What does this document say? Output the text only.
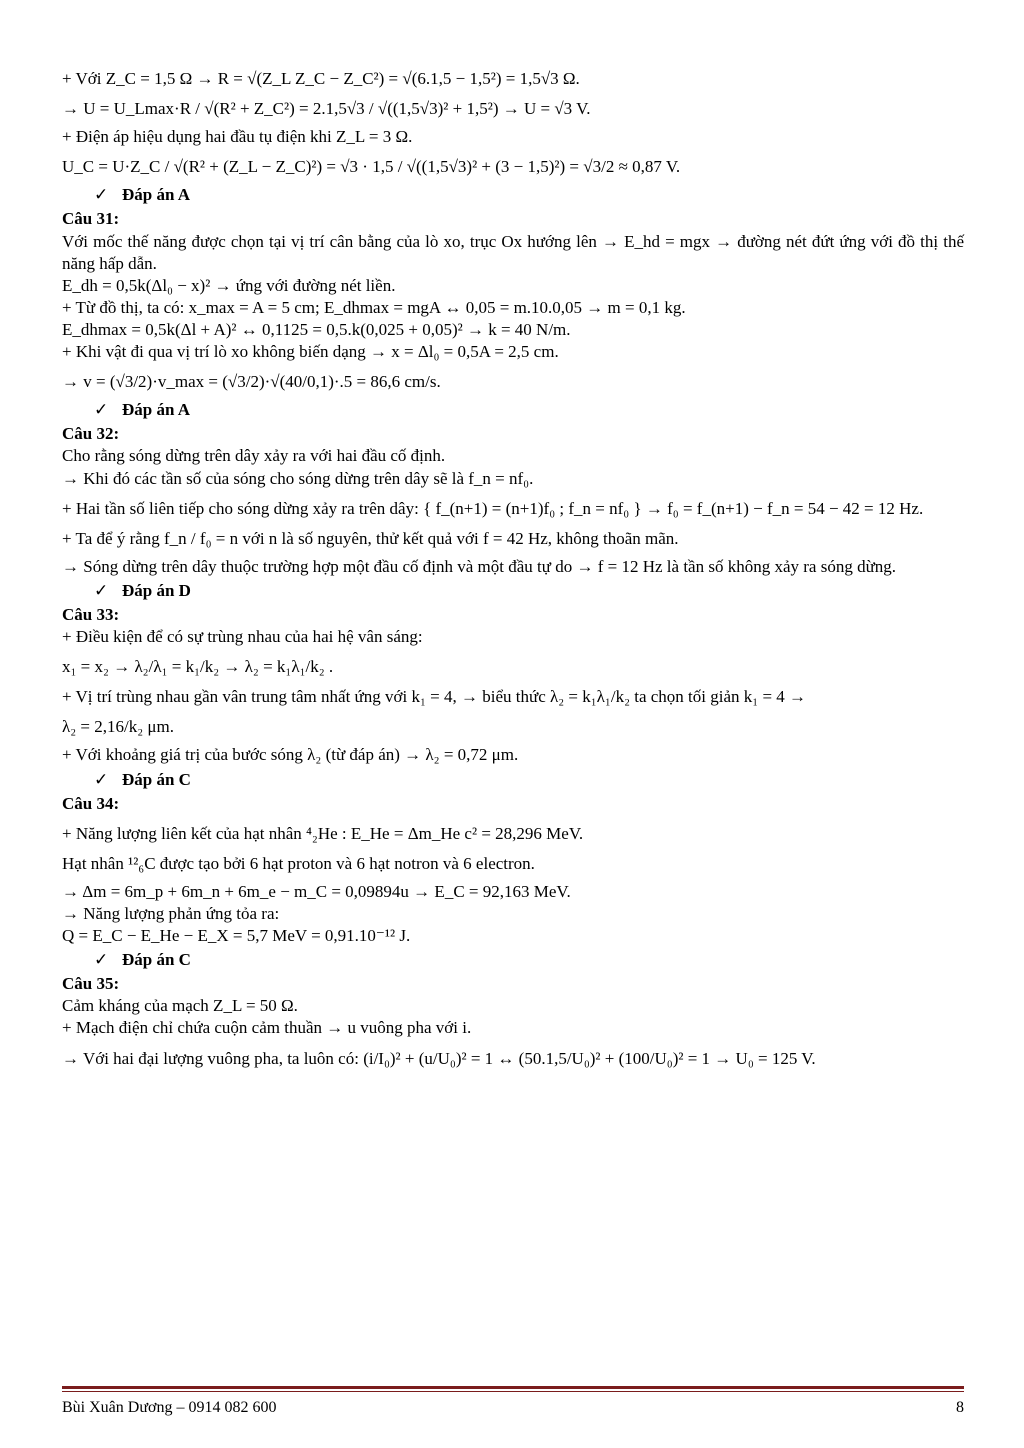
+ Với Z_C = 1,5 Ω → R = √(Z_L Z_C − Z_C²) = √(6.1,5 − 1,5²) = 1,5√3 Ω.

→ U = U_Lmax·R / √(R² + Z_C²) = 2.1,5√3 / √((1,5√3)² + 1,5²) → U = √3 V.

+ Điện áp hiệu dụng hai đầu tụ điện khi Z_L = 3 Ω.

U_C = U·Z_C / √(R² + (Z_L − Z_C)²) = √3 · 1,5 / √((1,5√3)² + (3 − 1,5)²) = √3/2 ≈ 0,87 V.

✓ Đáp án A

Câu 31:

Với mốc thế năng được chọn tại vị trí cân bằng của lò xo, trục Ox hướng lên → E_hd = mgx → đường nét đứt ứng với đồ thị thế năng hấp dẫn.

E_dh = 0,5k(Δl₀ − x)² → ứng với đường nét liền.

+ Từ đồ thị, ta có: x_max = A = 5 cm; E_dhmax = mgA ↔ 0,05 = m.10.0,05 → m = 0,1 kg.

E_dhmax = 0,5k(Δl + A)² ↔ 0,1125 = 0,5.k(0,025 + 0,05)² → k = 40 N/m.

+ Khi vật đi qua vị trí lò xo không biến dạng → x = Δl₀ = 0,5A = 2,5 cm.

→ v = (√3/2)·v_max = (√3/2)·√(40/0,1)·.5 = 86,6 cm/s.

✓ Đáp án A

Câu 32:

Cho rằng sóng dừng trên dây xảy ra với hai đầu cố định.

→ Khi đó các tần số của sóng cho sóng dừng trên dây sẽ là f_n = nf₀.

+ Hai tần số liên tiếp cho sóng dừng xảy ra trên dây: { f_(n+1) = (n+1)f₀ ; f_n = nf₀ } → f₀ = f_(n+1) − f_n = 54 − 42 = 12 Hz.

+ Ta để ý rằng f_n / f₀ = n với n là số nguyên, thử kết quả với f = 42 Hz, không thoãn mãn.

→ Sóng dừng trên dây thuộc trường hợp một đầu cố định và một đầu tự do → f = 12 Hz là tần số không xảy ra sóng dừng.

✓ Đáp án D

Câu 33:

+ Điều kiện để có sự trùng nhau của hai hệ vân sáng:

x₁ = x₂ → λ₂/λ₁ = k₁/k₂ → λ₂ = k₁λ₁/k₂ .

+ Vị trí trùng nhau gần vân trung tâm nhất ứng với k₁ = 4, → biểu thức λ₂ = k₁λ₁/k₂ ta chọn tối giản k₁ = 4 →

λ₂ = 2,16/k₂ μm.

+ Với khoảng giá trị của bước sóng λ₂ (từ đáp án) → λ₂ = 0,72 μm.

✓ Đáp án C

Câu 34:

+ Năng lượng liên kết của hạt nhân ⁴₂He : E_He = Δm_He c² = 28,296 MeV.

Hạt nhân ¹²₆C được tạo bởi 6 hạt proton và 6 hạt notron và 6 electron.

→ Δm = 6m_p + 6m_n + 6m_e − m_C = 0,09894u → E_C = 92,163 MeV.

→ Năng lượng phản ứng tỏa ra:

Q = E_C − E_He − E_X = 5,7 MeV = 0,91.10⁻¹² J.

✓ Đáp án C

Câu 35:

Cảm kháng của mạch Z_L = 50 Ω.

+ Mạch điện chỉ chứa cuộn cảm thuần → u vuông pha với i.

→ Với hai đại lượng vuông pha, ta luôn có: (i/I₀)² + (u/U₀)² = 1 ↔ (50.1,5/U₀)² + (100/U₀)² = 1 → U₀ = 125 V.

Bùi Xuân Dương – 0914 082 600	8
